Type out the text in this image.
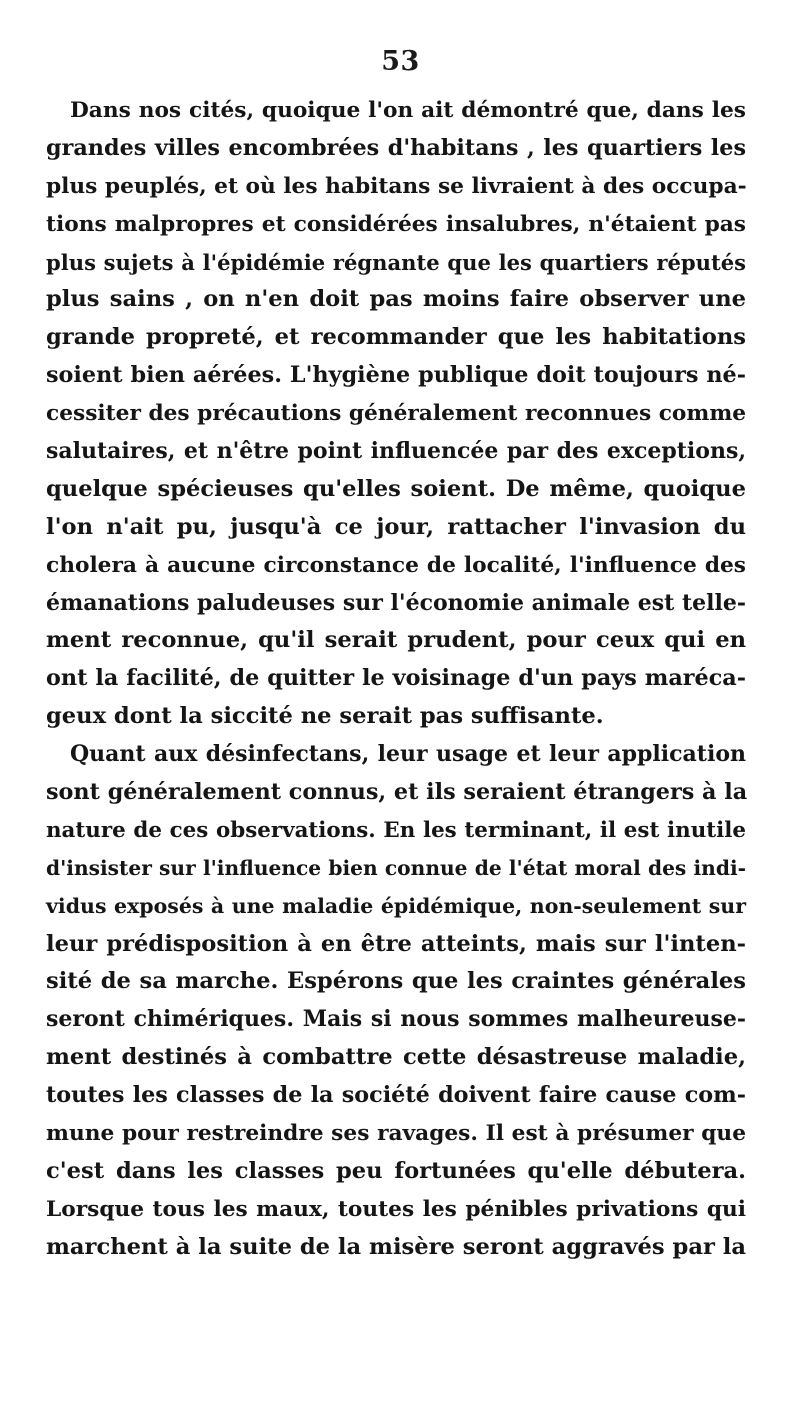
53
Dans nos cités, quoique l'on ait démontré que, dans les
grandes villes encombrées d'habitans , les quartiers les
plus peuplés, et où les habitans se livraient à des occupa-
tions malpropres et considérées insalubres, n'étaient pas
plus sujets à l'épidémie régnante que les quartiers réputés
plus sains , on n'en doit pas moins faire observer une
grande propreté, et recommander que les habitations
soient bien aérées. L'hygiène publique doit toujours né-
cessiter des précautions généralement reconnues comme
salutaires, et n'être point influencée par des exceptions,
quelque spécieuses qu'elles soient. De même, quoique
l'on n'ait pu, jusqu'à ce jour, rattacher l'invasion du
cholera à aucune circonstance de localité, l'influence des
émanations paludeuses sur l'économie animale est telle-
ment reconnue, qu'il serait prudent, pour ceux qui en
ont la facilité, de quitter le voisinage d'un pays maréca-
geux dont la siccité ne serait pas suffisante.
Quant aux désinfectans, leur usage et leur application
sont généralement connus, et ils seraient étrangers à la
nature de ces observations. En les terminant, il est inutile
d'insister sur l'influence bien connue de l'état moral des indi-
vidus exposés à une maladie épidémique, non-seulement sur
leur prédisposition à en être atteints, mais sur l'inten-
sité de sa marche. Espérons que les craintes générales
seront chimériques. Mais si nous sommes malheureuse-
ment destinés à combattre cette désastreuse maladie,
toutes les classes de la société doivent faire cause com-
mune pour restreindre ses ravages. Il est à présumer que
c'est dans les classes peu fortunées qu'elle débutera.
Lorsque tous les maux, toutes les pénibles privations qui
marchent à la suite de la misère seront aggravés par la
